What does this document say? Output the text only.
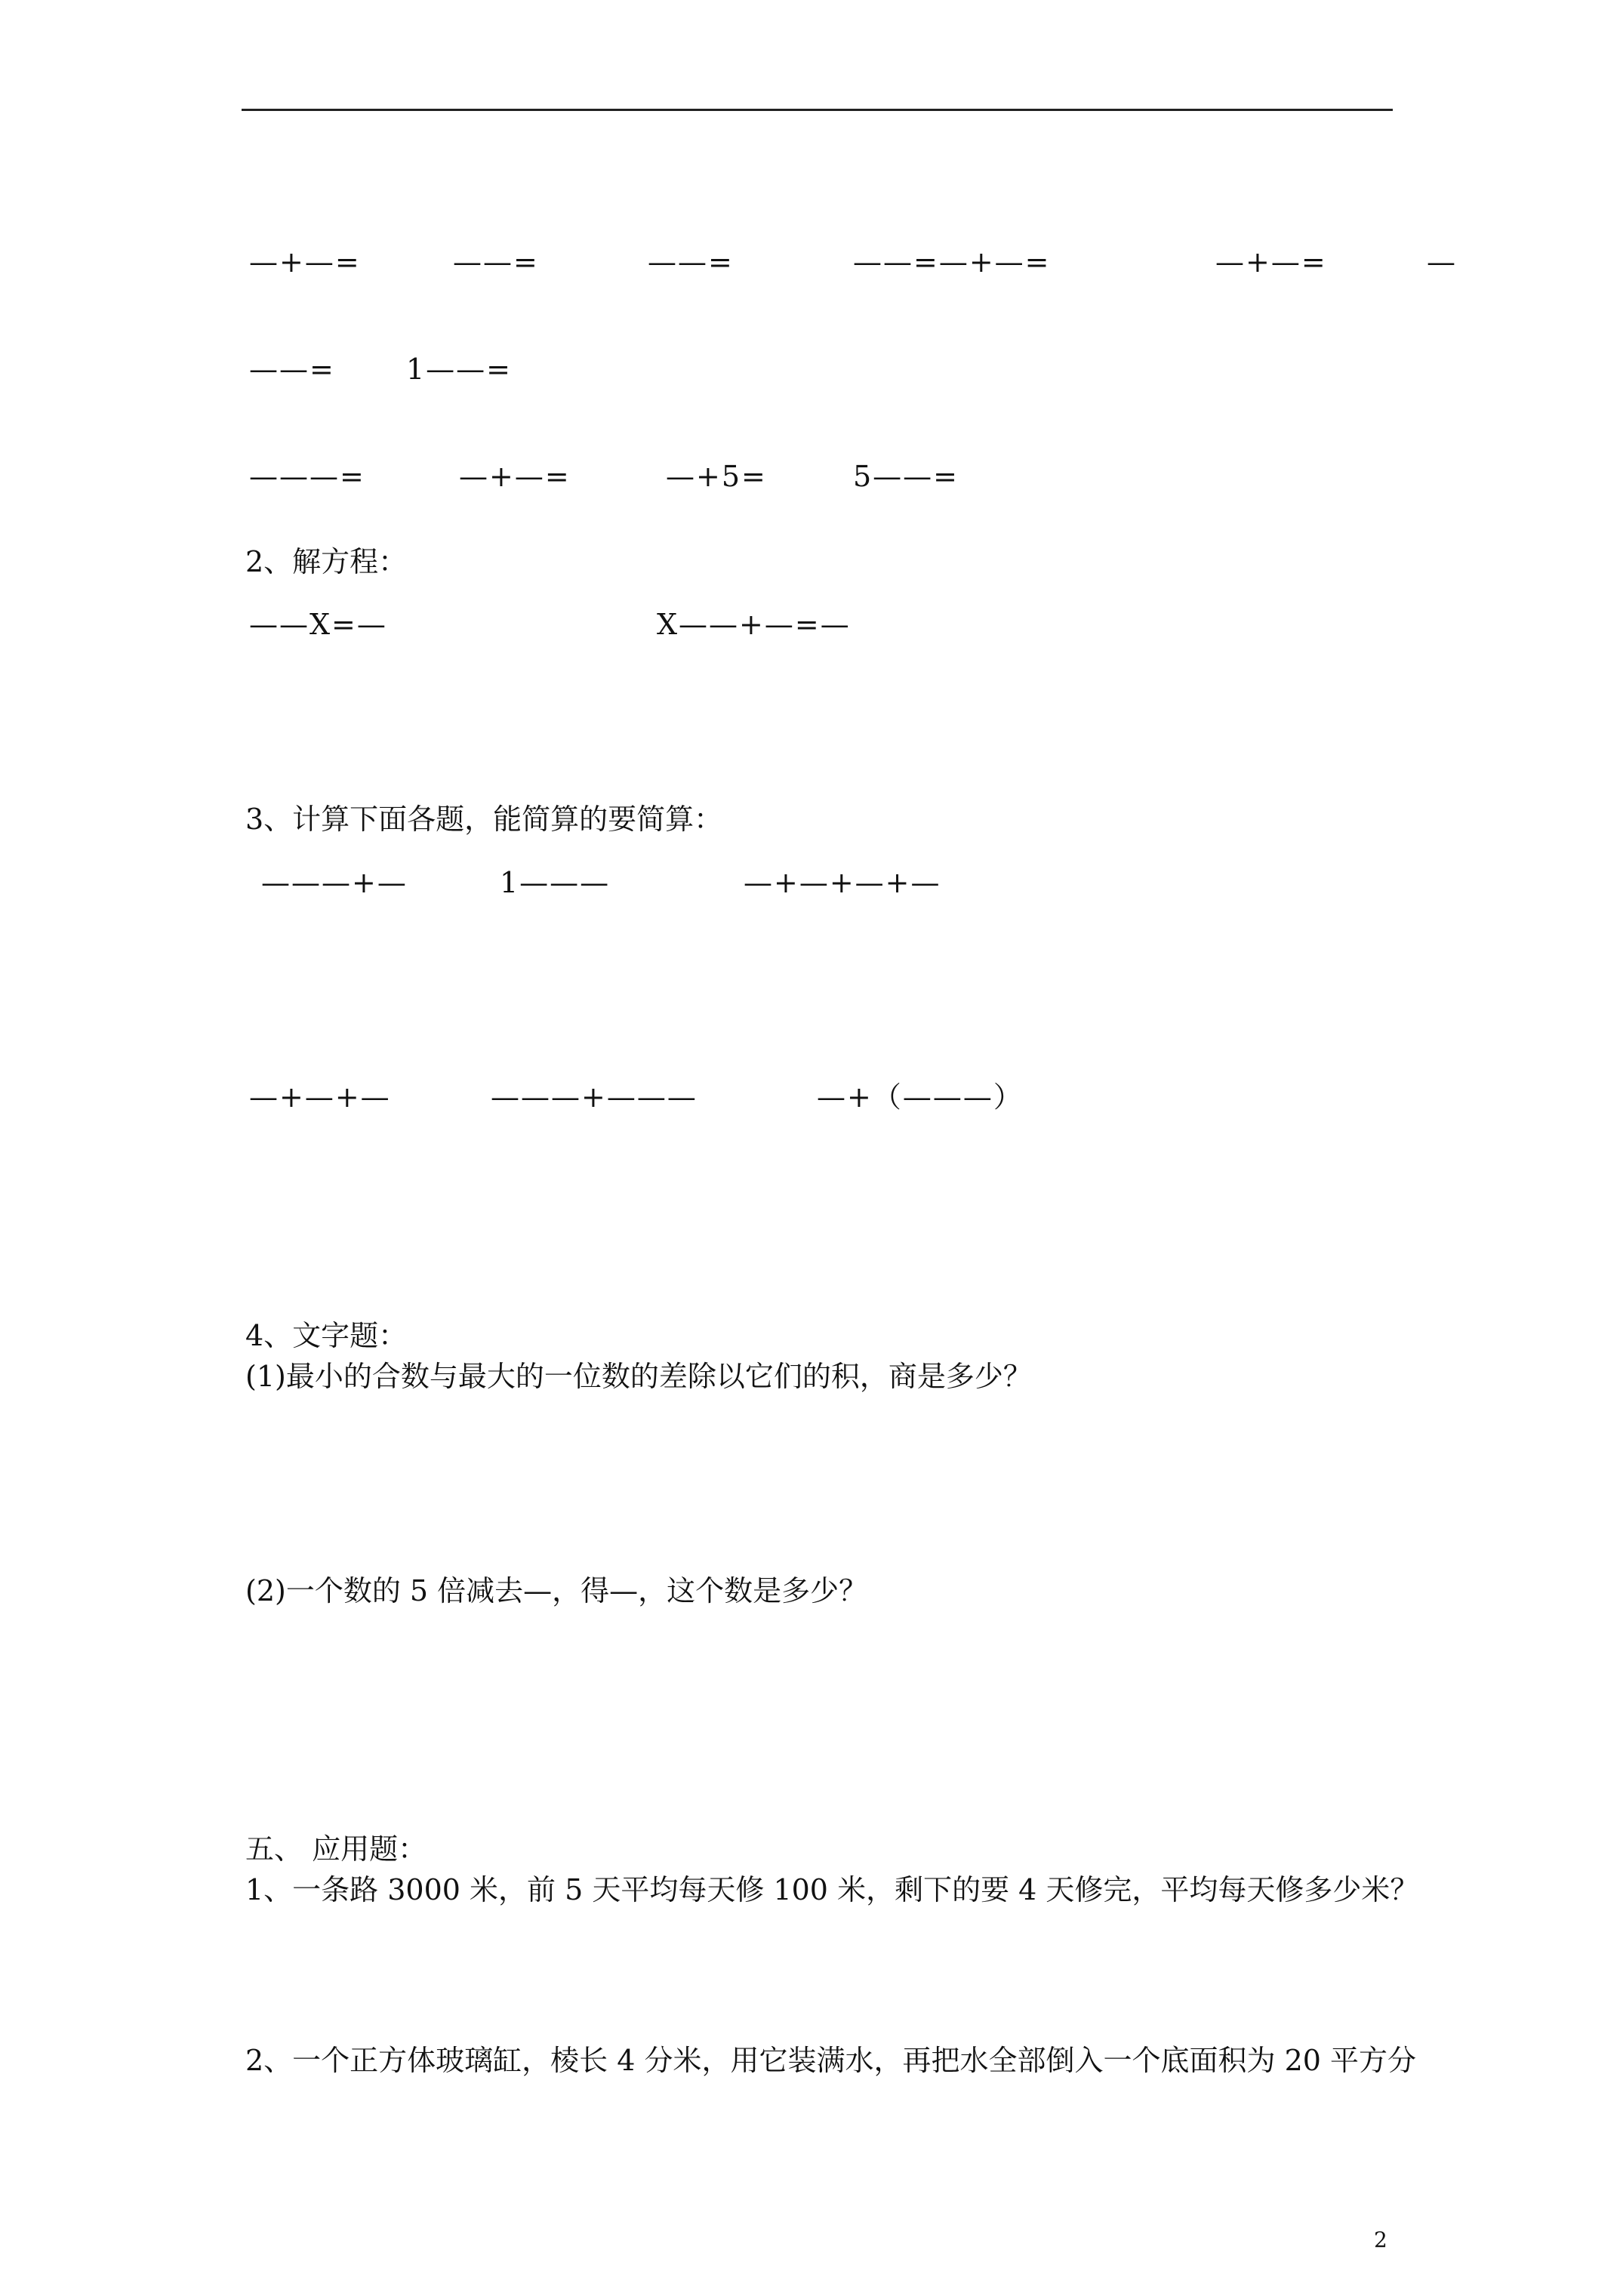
—+—=	——=	——=	——=—+—=	—+—=	—
——= 1——=
———=	—+—=	—+5=	5——=
2、解方程：
——X=—	X——+—=—
3、计算下面各题，能简算的要简算：
———+—	1———	—+—+—+—
—+—+—	———+———	—+（———）
4、文字题：
(1)最小的合数与最大的一位数的差除以它们的积，商是多少？
(2)一个数的 5 倍减去—，得—，这个数是多少？
五、 应用题：
1、一条路 3000 米，前 5 天平均每天修 100 米，剩下的要 4 天修完，平均每天修多少米？
2、一个正方体玻璃缸，棱长 4 分米，用它装满水，再把水全部倒入一个底面积为 20 平方分
2
